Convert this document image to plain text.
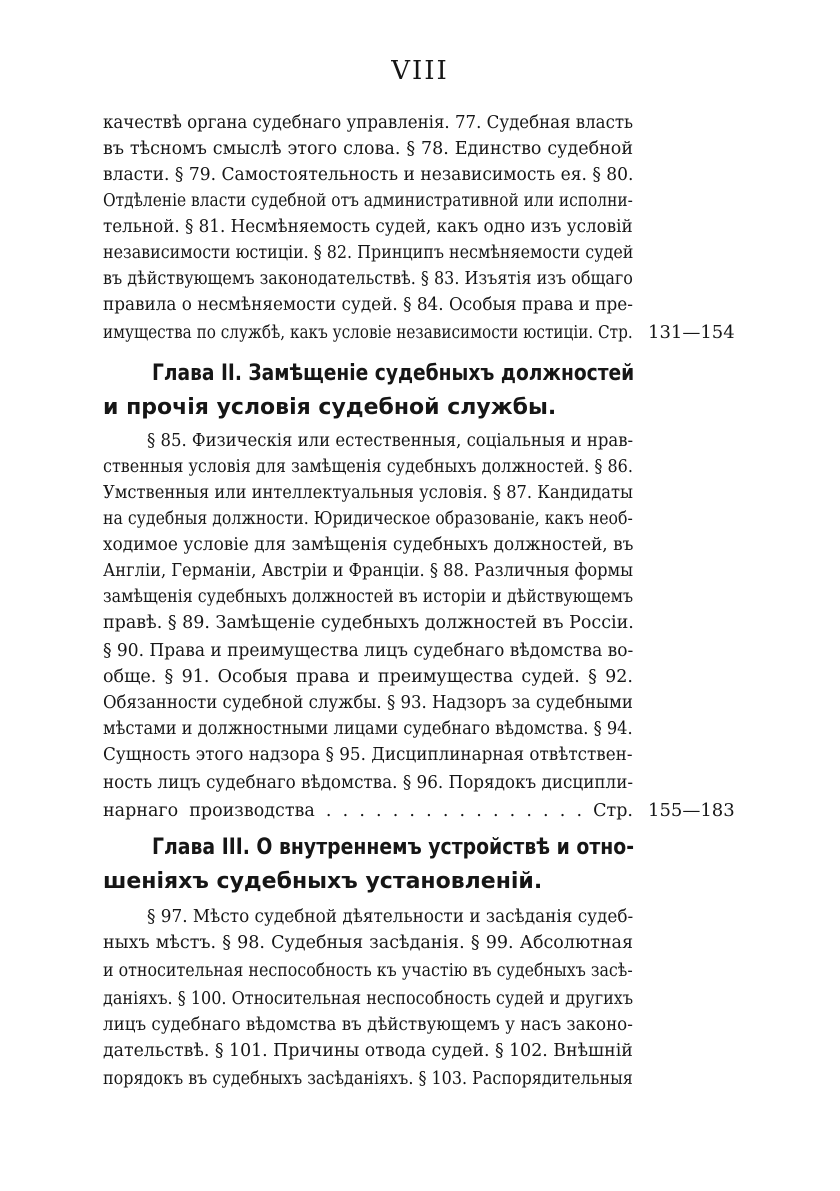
VIII
качествѣ органа судебнаго управленія. 77. Судебная власть
въ тѣсномъ смыслѣ этого слова. § 78. Единство судебной
власти. § 79. Самостоятельность и независимость ея. § 80.
Отдѣленіе власти судебной отъ административной или исполни-
тельной. § 81. Несмѣняемость судей, какъ одно изъ условій
независимости юстиціи. § 82. Принципъ несмѣняемости судей
въ дѣйствующемъ законодательствѣ. § 83. Изъятія изъ общаго
правила о несмѣняемости судей. § 84. Особыя права и пре-
имущества по службѣ, какъ условіе независимости юстиціи. Стр. 131—154
Глава II. Замѣщеніе судебныхъ должностей
и прочія условія судебной службы.
§ 85. Физическія или естественныя, соціальныя и нрав-
ственныя условія для замѣщенія судебныхъ должностей. § 86.
Умственныя или интеллектуальныя условія. § 87. Кандидаты
на судебныя должности. Юридическое образованіе, какъ необ-
ходимое условіе для замѣщенія судебныхъ должностей, въ
Англіи, Германіи, Австріи и Франціи. § 88. Различныя формы
замѣщенія судебныхъ должностей въ исторіи и дѣйствующемъ
правѣ. § 89. Замѣщеніе судебныхъ должностей въ Россіи.
§ 90. Права и преимущества лицъ судебнаго вѣдомства во-
обще. § 91. Особыя права и преимущества судей. § 92.
Обязанности судебной службы. § 93. Надзоръ за судебными
мѣстами и должностными лицами судебнаго вѣдомства. § 94.
Сущность этого надзора § 95. Дисциплинарная отвѣтствен-
ность лицъ судебнаго вѣдомства. § 96. Порядокъ дисципли-
нарнаго производства . . . . . . . . . . . . . . . . Стр. 155—183
Глава III. О внутреннемъ устройствѣ и отно-
шеніяхъ судебныхъ установленій.
§ 97. Мѣсто судебной дѣятельности и засѣданія судеб-
ныхъ мѣстъ. § 98. Судебныя засѣданія. § 99. Абсолютная
и относительная неспособность къ участію въ судебныхъ засѣ-
даніяхъ. § 100. Относительная неспособность судей и другихъ
лицъ судебнаго вѣдомства въ дѣйствующемъ у насъ законо-
дательствѣ. § 101. Причины отвода судей. § 102. Внѣшній
порядокъ въ судебныхъ засѣданіяхъ. § 103. Распорядительныя
